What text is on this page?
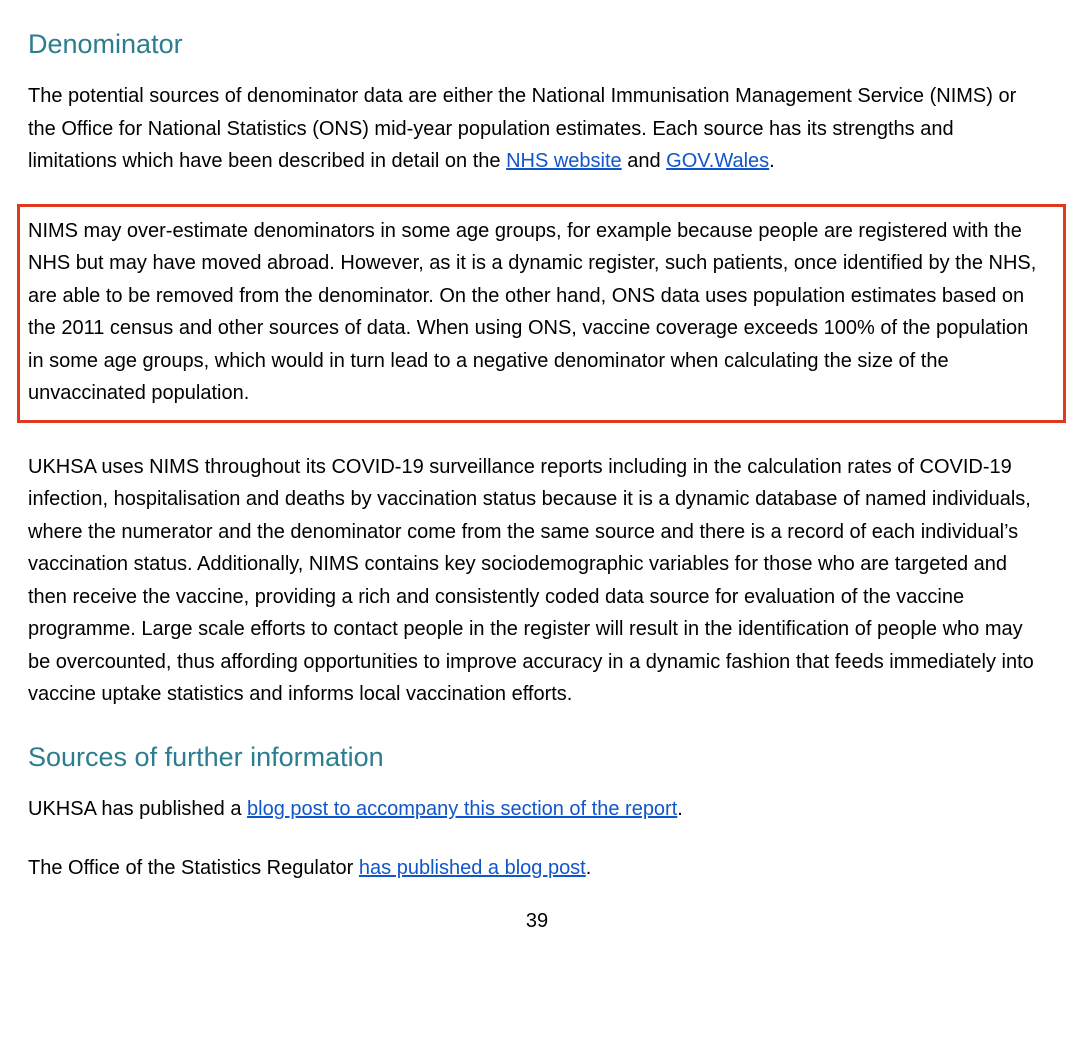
Denominator

The potential sources of denominator data are either the National Immunisation Management Service (NIMS) or the Office for National Statistics (ONS) mid-year population estimates. Each source has its strengths and limitations which have been described in detail on the NHS website and GOV.Wales.

NIMS may over-estimate denominators in some age groups, for example because people are registered with the NHS but may have moved abroad. However, as it is a dynamic register, such patients, once identified by the NHS, are able to be removed from the denominator. On the other hand, ONS data uses population estimates based on the 2011 census and other sources of data. When using ONS, vaccine coverage exceeds 100% of the population in some age groups, which would in turn lead to a negative denominator when calculating the size of the unvaccinated population.

UKHSA uses NIMS throughout its COVID-19 surveillance reports including in the calculation rates of COVID-19 infection, hospitalisation and deaths by vaccination status because it is a dynamic database of named individuals, where the numerator and the denominator come from the same source and there is a record of each individual’s vaccination status. Additionally, NIMS contains key sociodemographic variables for those who are targeted and then receive the vaccine, providing a rich and consistently coded data source for evaluation of the vaccine programme. Large scale efforts to contact people in the register will result in the identification of people who may be overcounted, thus affording opportunities to improve accuracy in a dynamic fashion that feeds immediately into vaccine uptake statistics and informs local vaccination efforts.

Sources of further information

UKHSA has published a blog post to accompany this section of the report.

The Office of the Statistics Regulator has published a blog post.

39
